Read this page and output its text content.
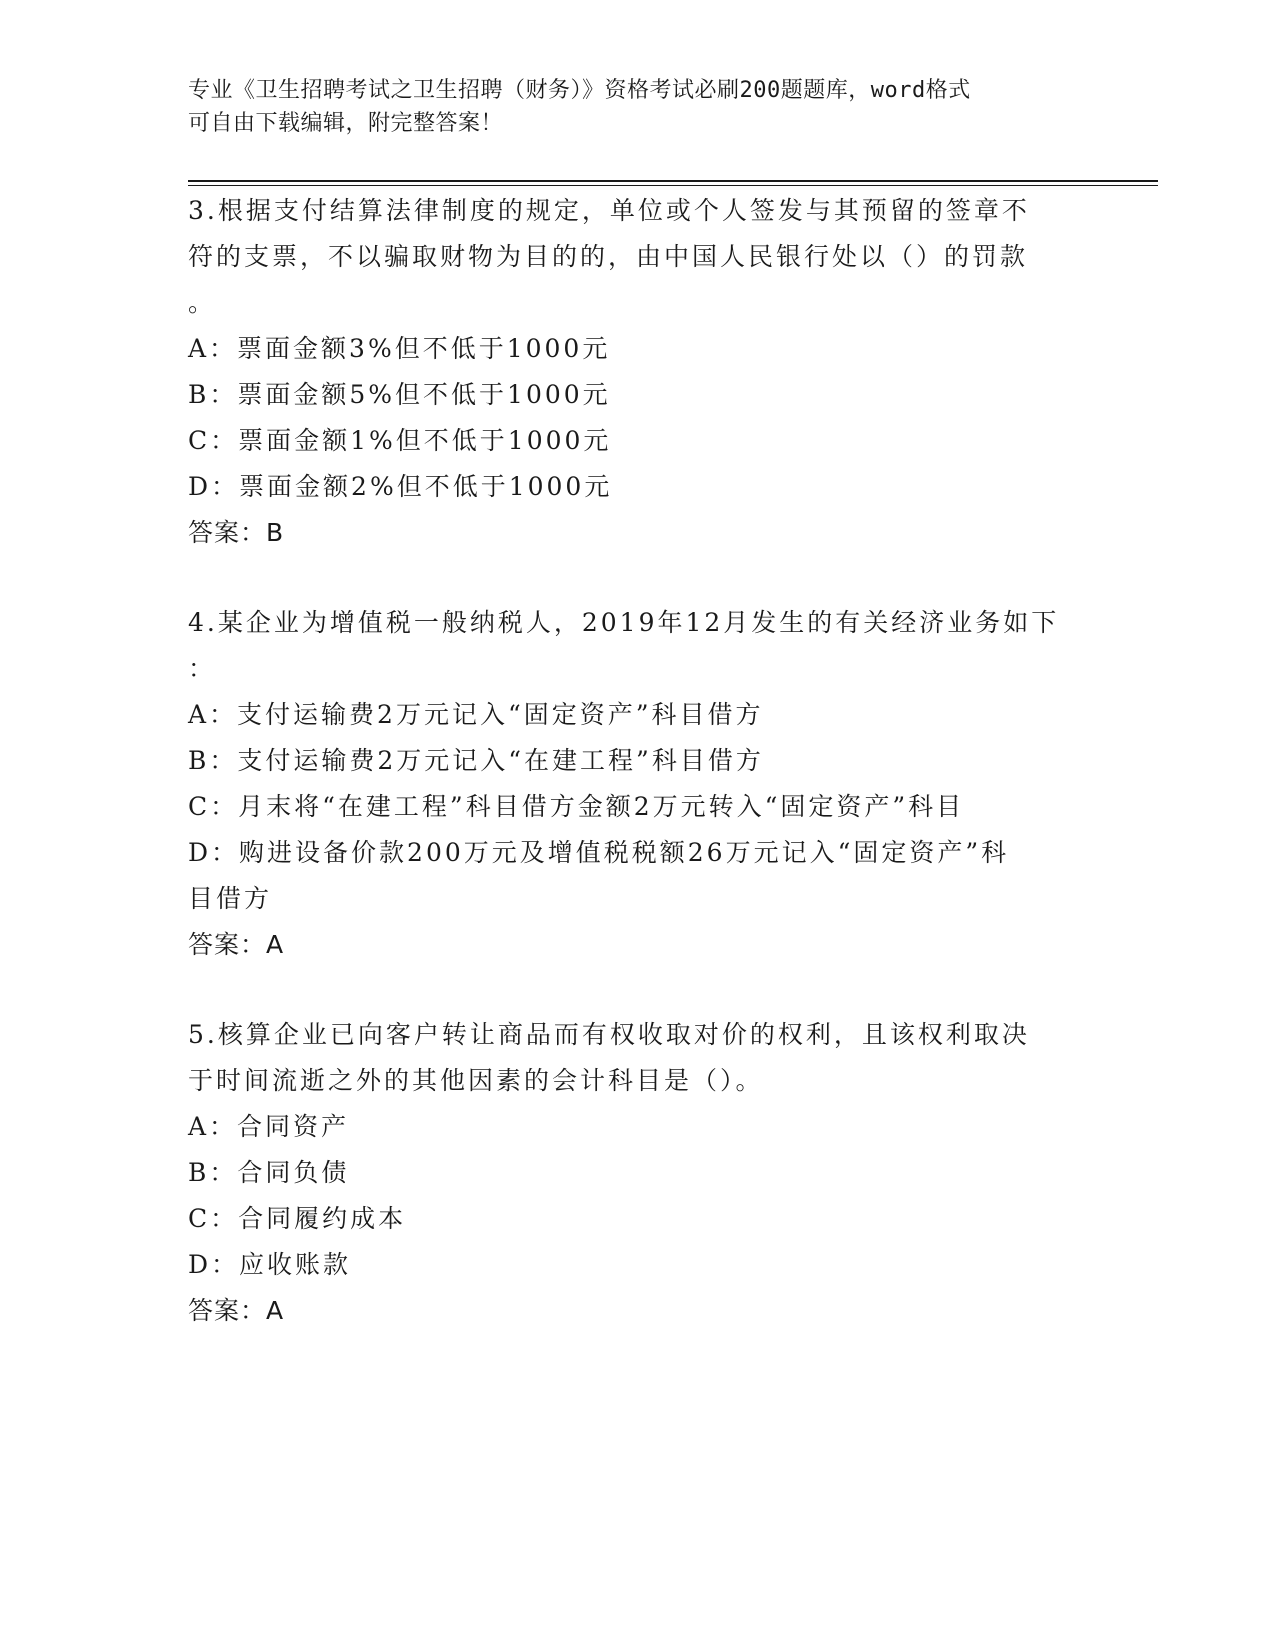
专业《卫生招聘考试之卫生招聘（财务）》资格考试必刷200题题库，word格式
可自由下载编辑，附完整答案！
3.根据支付结算法律制度的规定，单位或个人签发与其预留的签章不
符的支票，不以骗取财物为目的的，由中国人民银行处以（）的罚款
。
A：票面金额3%但不低于1000元
B：票面金额5%但不低于1000元
C：票面金额1%但不低于1000元
D：票面金额2%但不低于1000元
答案：B
4.某企业为增值税一般纳税人，2019年12月发生的有关经济业务如下
：
A：支付运输费2万元记入“固定资产”科目借方
B：支付运输费2万元记入“在建工程”科目借方
C：月末将“在建工程”科目借方金额2万元转入“固定资产”科目
D：购进设备价款200万元及增值税税额26万元记入“固定资产”科
目借方
答案：A
5.核算企业已向客户转让商品而有权收取对价的权利，且该权利取决
于时间流逝之外的其他因素的会计科目是（）。
A：合同资产
B：合同负债
C：合同履约成本
D：应收账款
答案：A
